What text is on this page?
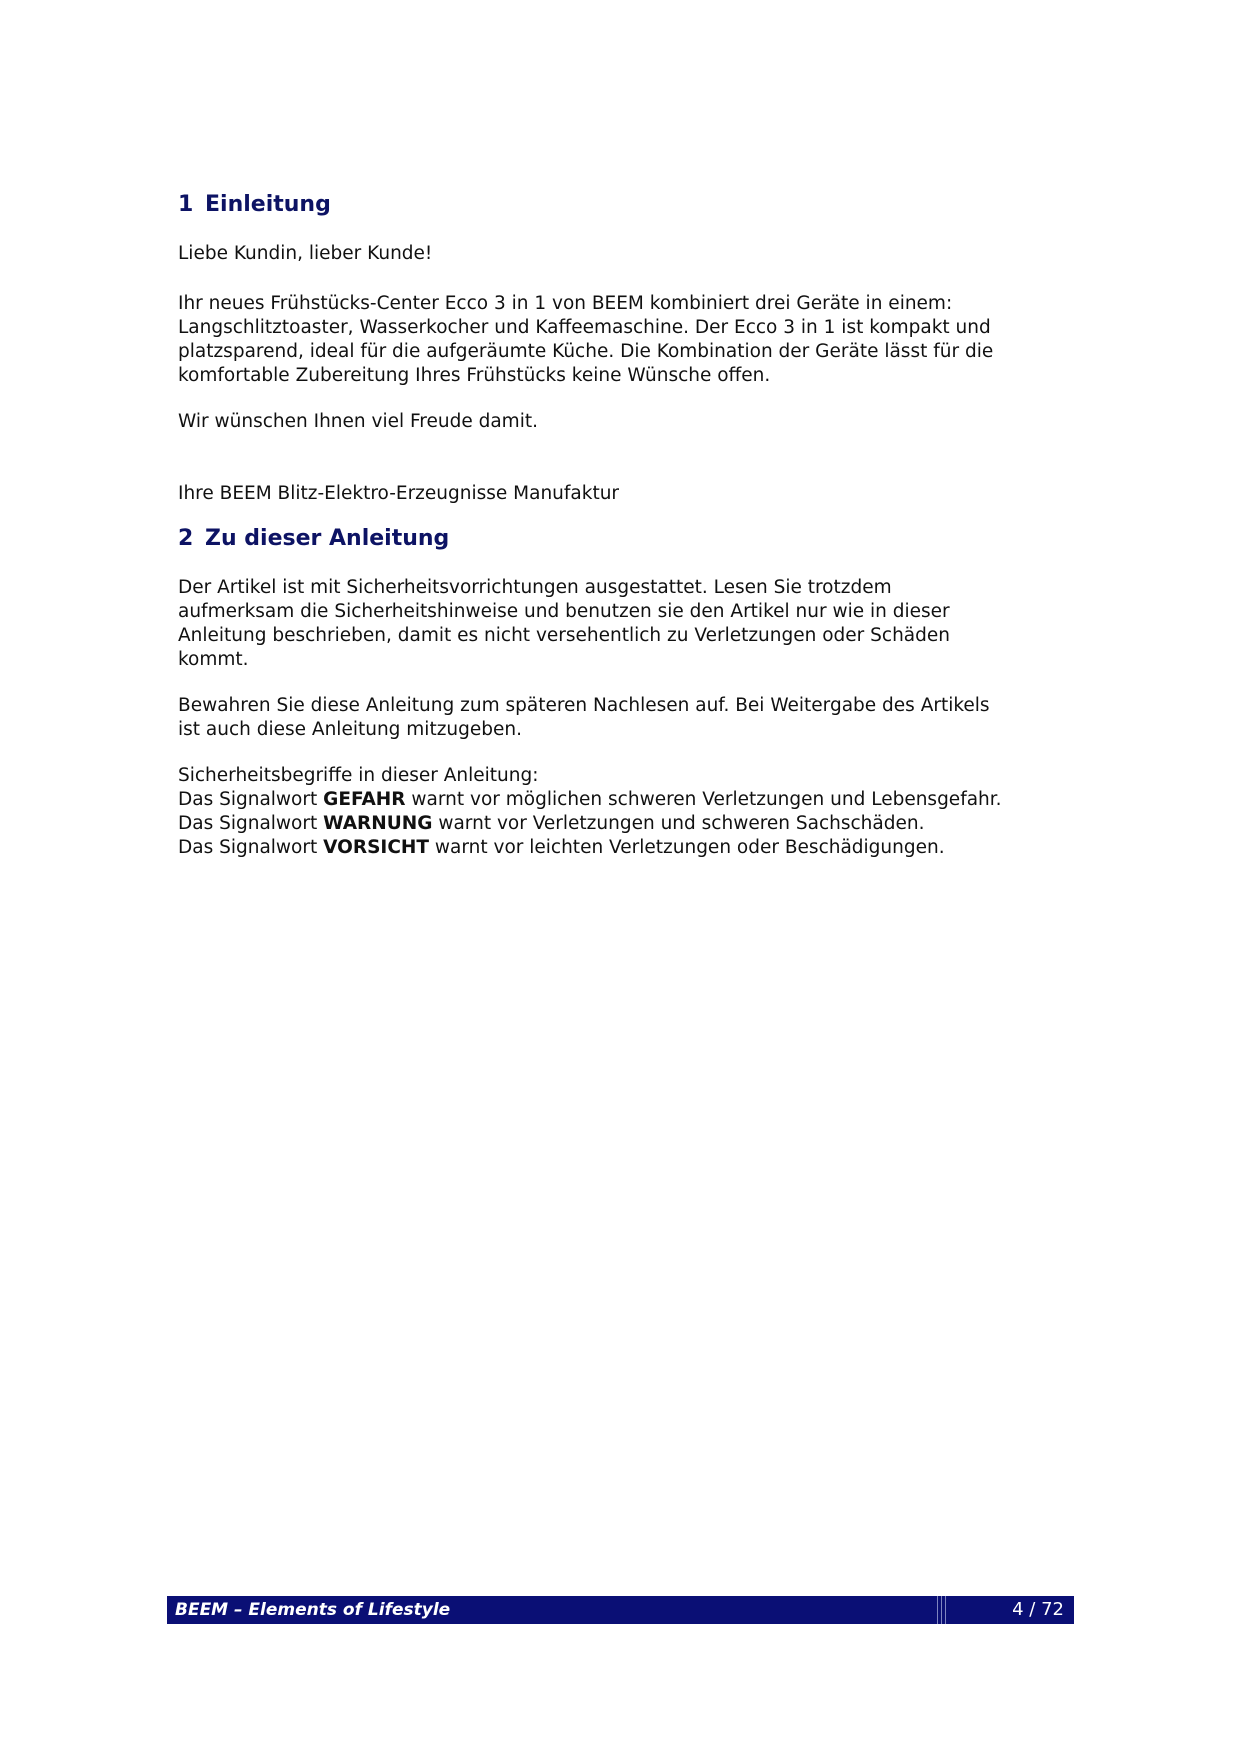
1 Einleitung

Liebe Kundin, lieber Kunde!

Ihr neues Frühstücks-Center Ecco 3 in 1 von BEEM kombiniert drei Geräte in einem:
Langschlitztoaster, Wasserkocher und Kaffeemaschine. Der Ecco 3 in 1 ist kompakt und
platzsparend, ideal für die aufgeräumte Küche. Die Kombination der Geräte lässt für die
komfortable Zubereitung Ihres Frühstücks keine Wünsche offen.

Wir wünschen Ihnen viel Freude damit.

Ihre BEEM Blitz-Elektro-Erzeugnisse Manufaktur

2 Zu dieser Anleitung

Der Artikel ist mit Sicherheitsvorrichtungen ausgestattet. Lesen Sie trotzdem
aufmerksam die Sicherheitshinweise und benutzen sie den Artikel nur wie in dieser
Anleitung beschrieben, damit es nicht versehentlich zu Verletzungen oder Schäden
kommt.

Bewahren Sie diese Anleitung zum späteren Nachlesen auf. Bei Weitergabe des Artikels
ist auch diese Anleitung mitzugeben.

Sicherheitsbegriffe in dieser Anleitung:
Das Signalwort GEFAHR warnt vor möglichen schweren Verletzungen und Lebensgefahr.
Das Signalwort WARNUNG warnt vor Verletzungen und schweren Sachschäden.
Das Signalwort VORSICHT warnt vor leichten Verletzungen oder Beschädigungen.

BEEM – Elements of Lifestyle	4 / 72
